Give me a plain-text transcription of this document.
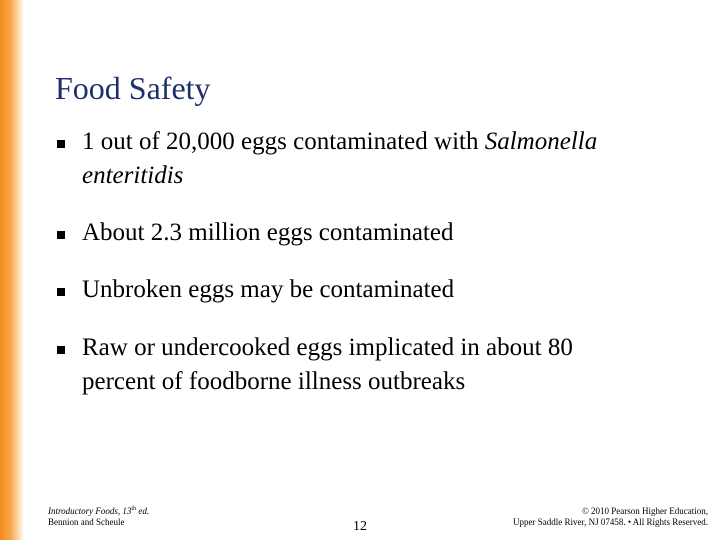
Food Safety
1 out of 20,000 eggs contaminated with Salmonella
enteritidis
About 2.3 million eggs contaminated
Unbroken eggs may be contaminated
Raw or undercooked eggs implicated in about 80
percent of foodborne illness outbreaks
Introductory Foods, 13th ed.
Bennion and Scheule	12
© 2010 Pearson Higher Education,
Upper Saddle River, NJ 07458. • All Rights Reserved.
